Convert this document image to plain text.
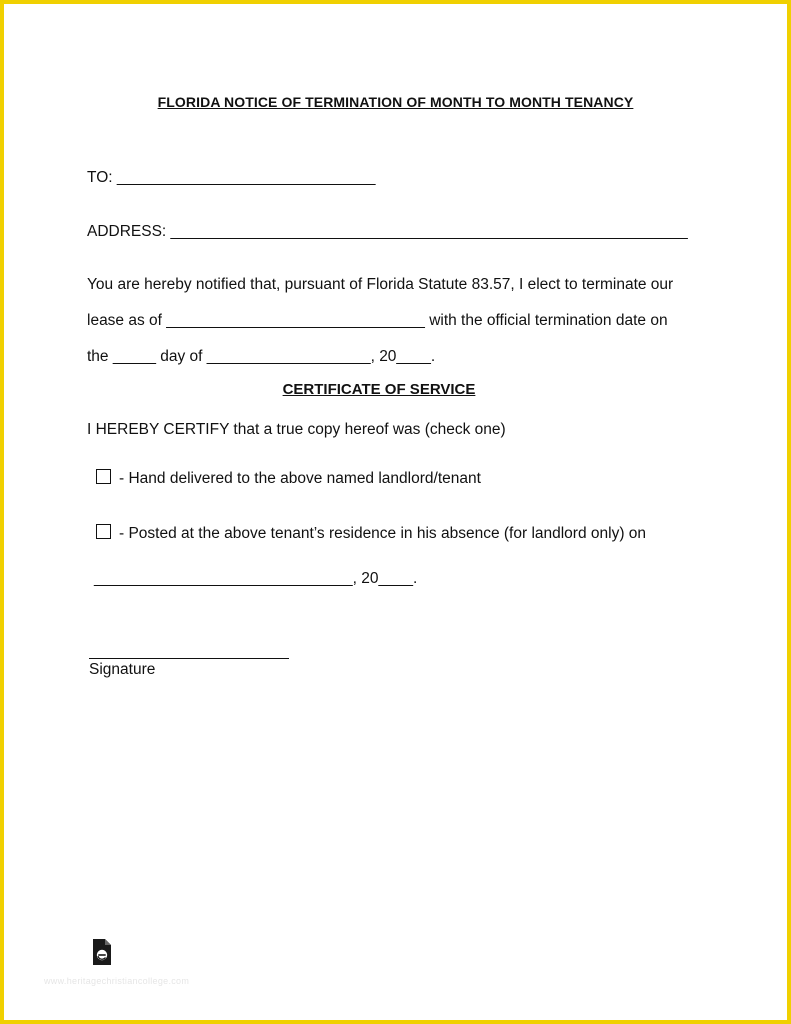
FLORIDA NOTICE OF TERMINATION OF MONTH TO MONTH TENANCY
TO: ______________________________
ADDRESS: ____________________________________________________________
You are hereby notified that, pursuant of Florida Statute 83.57, I elect to terminate our
lease as of ______________________________ with the official termination date on
the _____ day of ___________________, 20____.
CERTIFICATE OF SERVICE
I HEREBY CERTIFY that a true copy hereof was (check one)
- Hand delivered to the above named landlord/tenant
- Posted at the above tenant’s residence in his absence (for landlord only) on
______________________________, 20____.
Signature
www.heritagechristiancollege.com
